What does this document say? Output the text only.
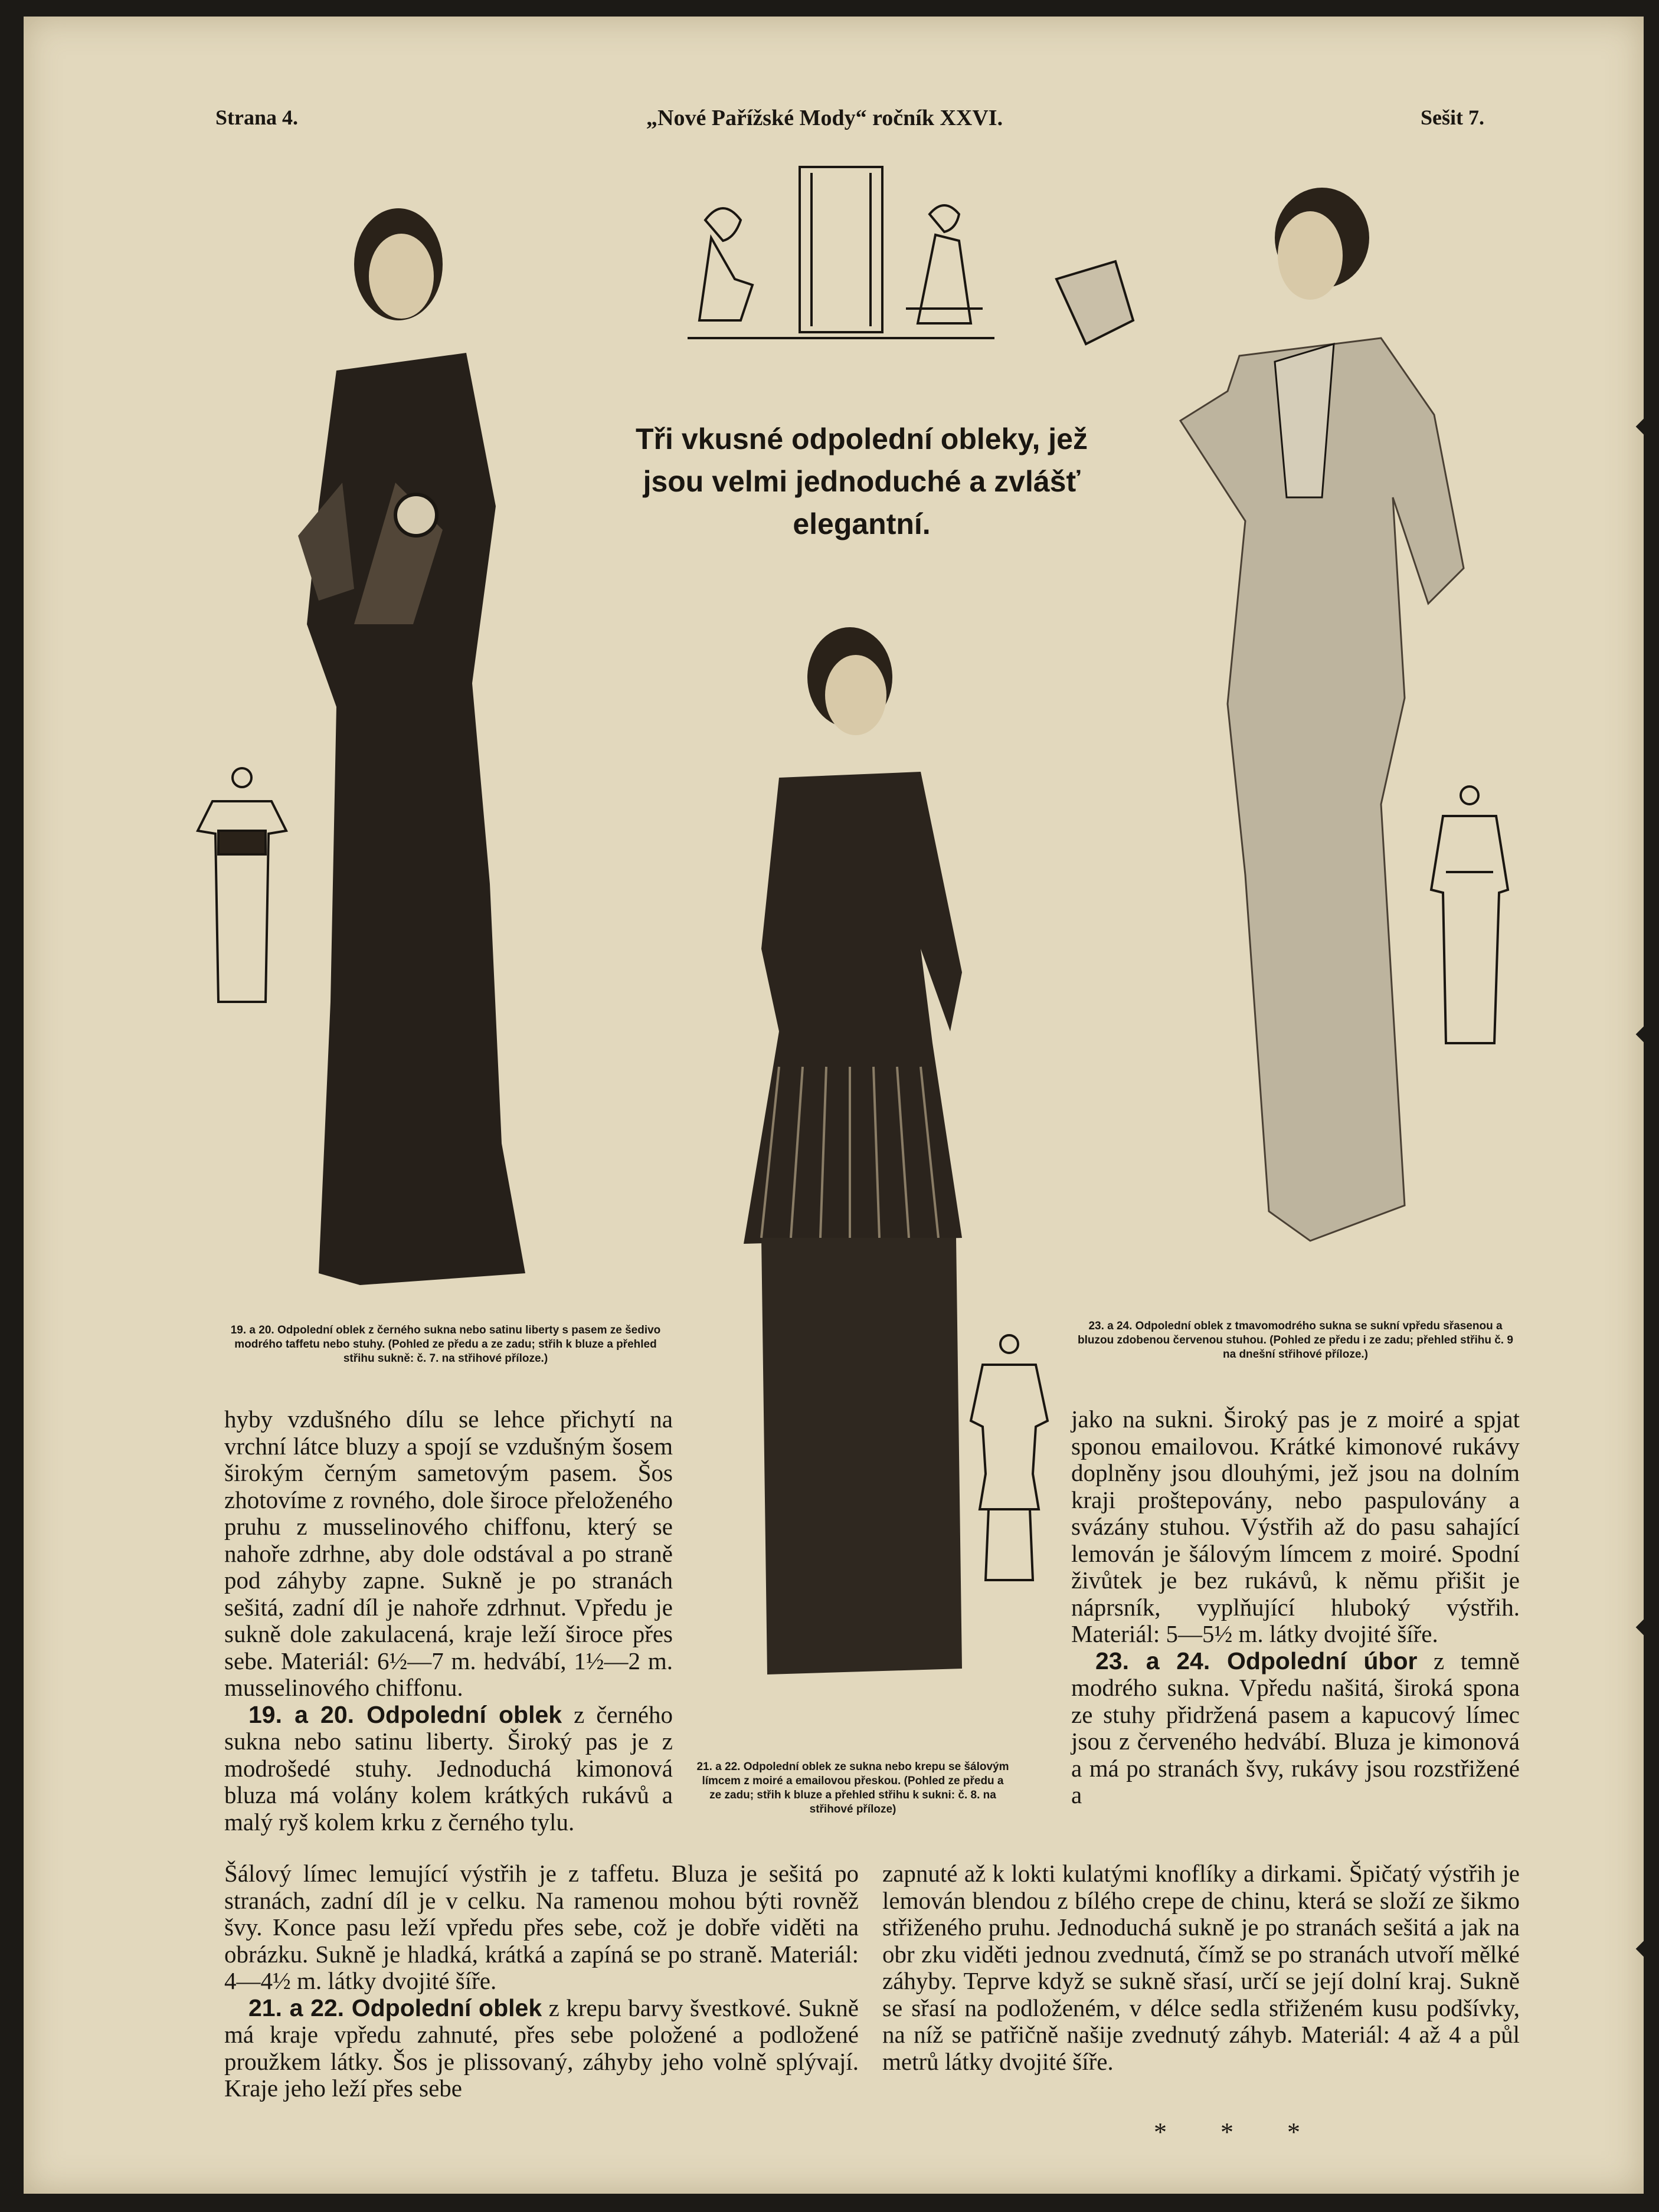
Strana 4.	„Nové Pařížské Mody“ ročník XXVI.	Sešit 7.
Tři vkusné odpolední obleky, jež jsou velmi jednoduché a zvlášť elegantní.
19. a 20. Odpolední oblek z černého sukna nebo satinu liberty s pasem ze šedivo modrého taffetu nebo stuhy. (Pohled ze předu a ze zadu; střih k bluze a přehled střihu sukně: č. 7. na střihové příloze.)
21. a 22. Odpolední oblek ze sukna nebo krepu se šálovým límcem z moiré a emailovou přeskou. (Pohled ze předu a ze zadu; střih k bluze a přehled střihu k sukni: č. 8. na střihové příloze)
23. a 24. Odpolední oblek z tmavomodrého sukna se sukní vpředu sřasenou a bluzou zdobenou červenou stuhou. (Pohled ze předu i ze zadu; přehled střihu č. 9 na dnešní střihové příloze.)

hyby vzdušného dílu se lehce přichytí na vrchní látce bluzy a spojí se vzdušným šosem širokým černým sametovým pasem. Šos zhotovíme z rovného, dole široce přeloženého pruhu z musselinového chiffonu, který se nahoře zdrhne, aby dole odstával a po straně pod záhyby zapne. Sukně je po stranách sešitá, zadní díl je nahoře zdrhnut. Vpředu je sukně dole zakulacená, kraje leží široce přes sebe. Materiál: 6½—7 m. hedvábí, 1½—2 m. musselinového chiffonu.

 19. a 20. Odpolední oblek z černého sukna nebo satinu liberty. Široký pas je z modrošedé stuhy. Jednoduchá kimonová bluza má volány kolem krátkých rukávů a malý ryš kolem krku z černého tylu.

Šálový límec lemující výstřih je z taffetu. Bluza je sešitá po stranách, zadní díl je v celku. Na ramenou mohou býti rovněž švy. Konce pasu leží vpředu přes sebe, což je dobře viděti na obrázku. Sukně je hladká, krátká a zapíná se po straně. Materiál: 4—4½ m. látky dvojité šíře.

 21. a 22. Odpolední oblek z krepu barvy švestkové. Sukně má kraje vpředu zahnuté, přes sebe položené a podložené proužkem látky. Šos je plissovaný, záhyby jeho volně splývají. Kraje jeho leží přes sebe

jako na sukni. Široký pas je z moiré a spjat sponou emailovou. Krátké kimonové rukávy doplněny jsou dlouhými, jež jsou na dolním kraji proštepovány, nebo paspulovány a svázány stuhou. Výstřih až do pasu sahající lemován je šálovým límcem z moiré. Spodní živůtek je bez rukávů, k němu přišit je náprsník, vyplňující hluboký výstřih. Materiál: 5—5½ m. látky dvojité šíře.

 23. a 24. Odpolední úbor z temně modrého sukna. Vpředu našitá, široká spona ze stuhy přidržená pasem a kapucový límec jsou z červeného hedvábí. Bluza je kimonová a má po stranách švy, rukávy jsou rozstřižené a

zapnuté až k lokti kulatými knoflíky a dirkami. Špičatý výstřih je lemován blendou z bílého crepe de chinu, která se složí ze šikmo střiženého pruhu. Jednoduchá sukně je po stranách sešitá a jak na obr zku viděti jednou zvednutá, čímž se po stranách utvoří mělké záhyby. Teprve když se sukně sřasí, určí se její dolní kraj. Sukně se sřasí na podloženém, v délce sedla střiženém kusu podšívky, na níž se patřičně našije zvednutý záhyb. Materiál: 4 až 4 a půl metrů látky dvojité šíře.

* * *
